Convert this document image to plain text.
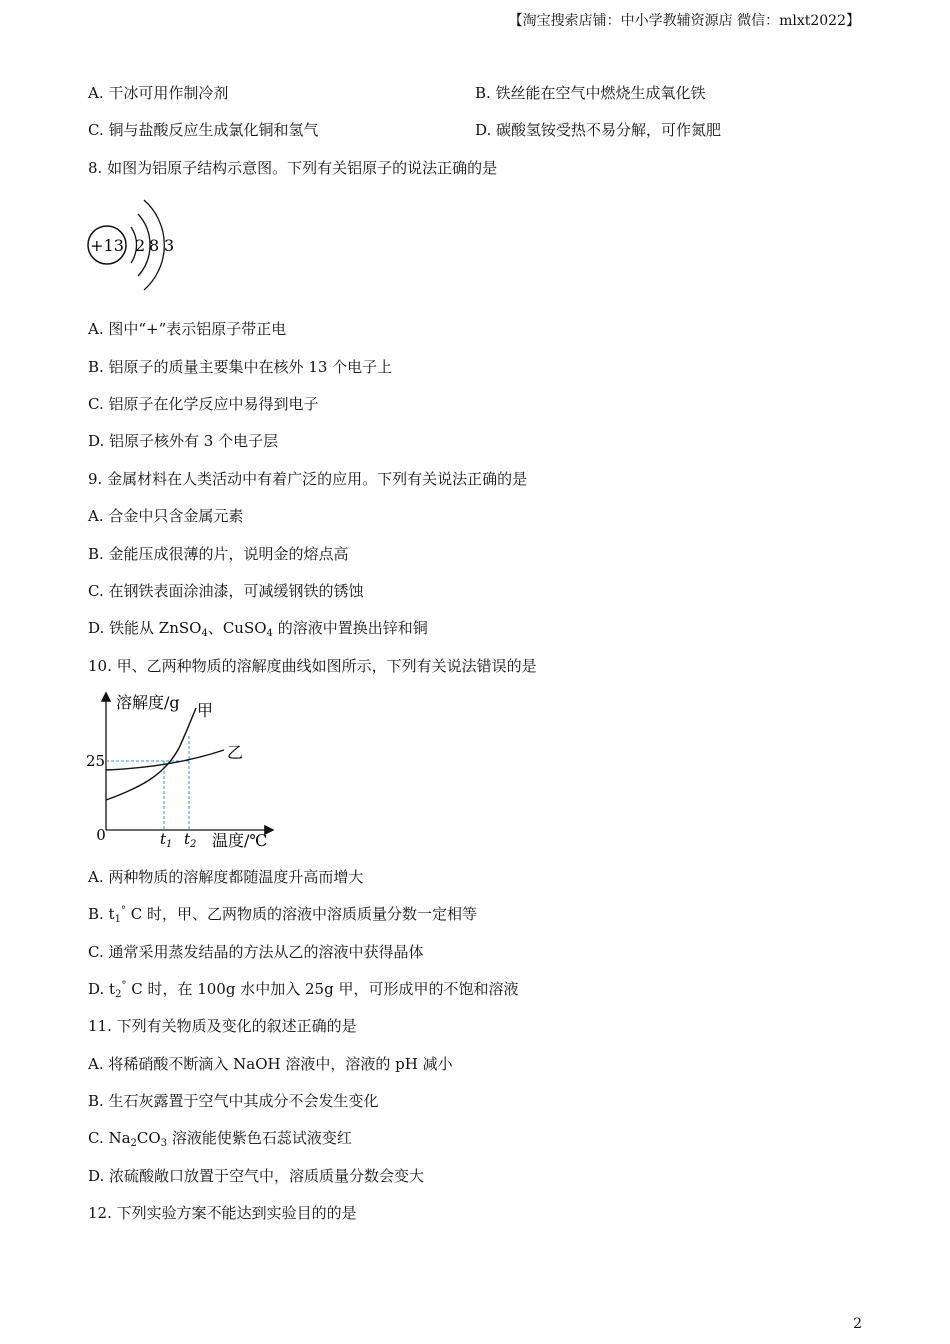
【淘宝搜索店铺：中小学教辅资源店 微信：mlxt2022】
A. 干冰可用作制冷剂	B. 铁丝能在空气中燃烧生成氧化铁
C. 铜与盐酸反应生成氯化铜和氢气	D. 碳酸氢铵受热不易分解，可作氮肥
8. 如图为铝原子结构示意图。下列有关铝原子的说法正确的是
+13 2 8 3
A. 图中“+”表示铝原子带正电
B. 铝原子的质量主要集中在核外 13 个电子上
C. 铝原子在化学反应中易得到电子
D. 铝原子核外有 3 个电子层
9. 金属材料在人类活动中有着广泛的应用。下列有关说法正确的是
A. 合金中只含金属元素
B. 金能压成很薄的片，说明金的熔点高
C. 在钢铁表面涂油漆，可减缓钢铁的锈蚀
D. 铁能从 ZnSO$_4$、CuSO$_4$ 的溶液中置换出锌和铜
10. 甲、乙两种物质的溶解度曲线如图所示，下列有关说法错误的是
溶解度/g
温度/℃
0
25
甲
乙
$t_1$ $t_2$
A. 两种物质的溶解度都随温度升高而增大
B. $t_1^\circ$ C 时，甲、乙两物质的溶液中溶质质量分数一定相等
C. 通常采用蒸发结晶的方法从乙的溶液中获得晶体
D. $t_2^\circ$ C 时，在 100g 水中加入 25g 甲，可形成甲的不饱和溶液
11. 下列有关物质及变化的叙述正确的是
A. 将稀硝酸不断滴入 NaOH 溶液中，溶液的 pH 减小
B. 生石灰露置于空气中其成分不会发生变化
C. $Na_2CO_3$ 溶液能使紫色石蕊试液变红
D. 浓硫酸敞口放置于空气中，溶质质量分数会变大
12. 下列实验方案不能达到实验目的的是
2
